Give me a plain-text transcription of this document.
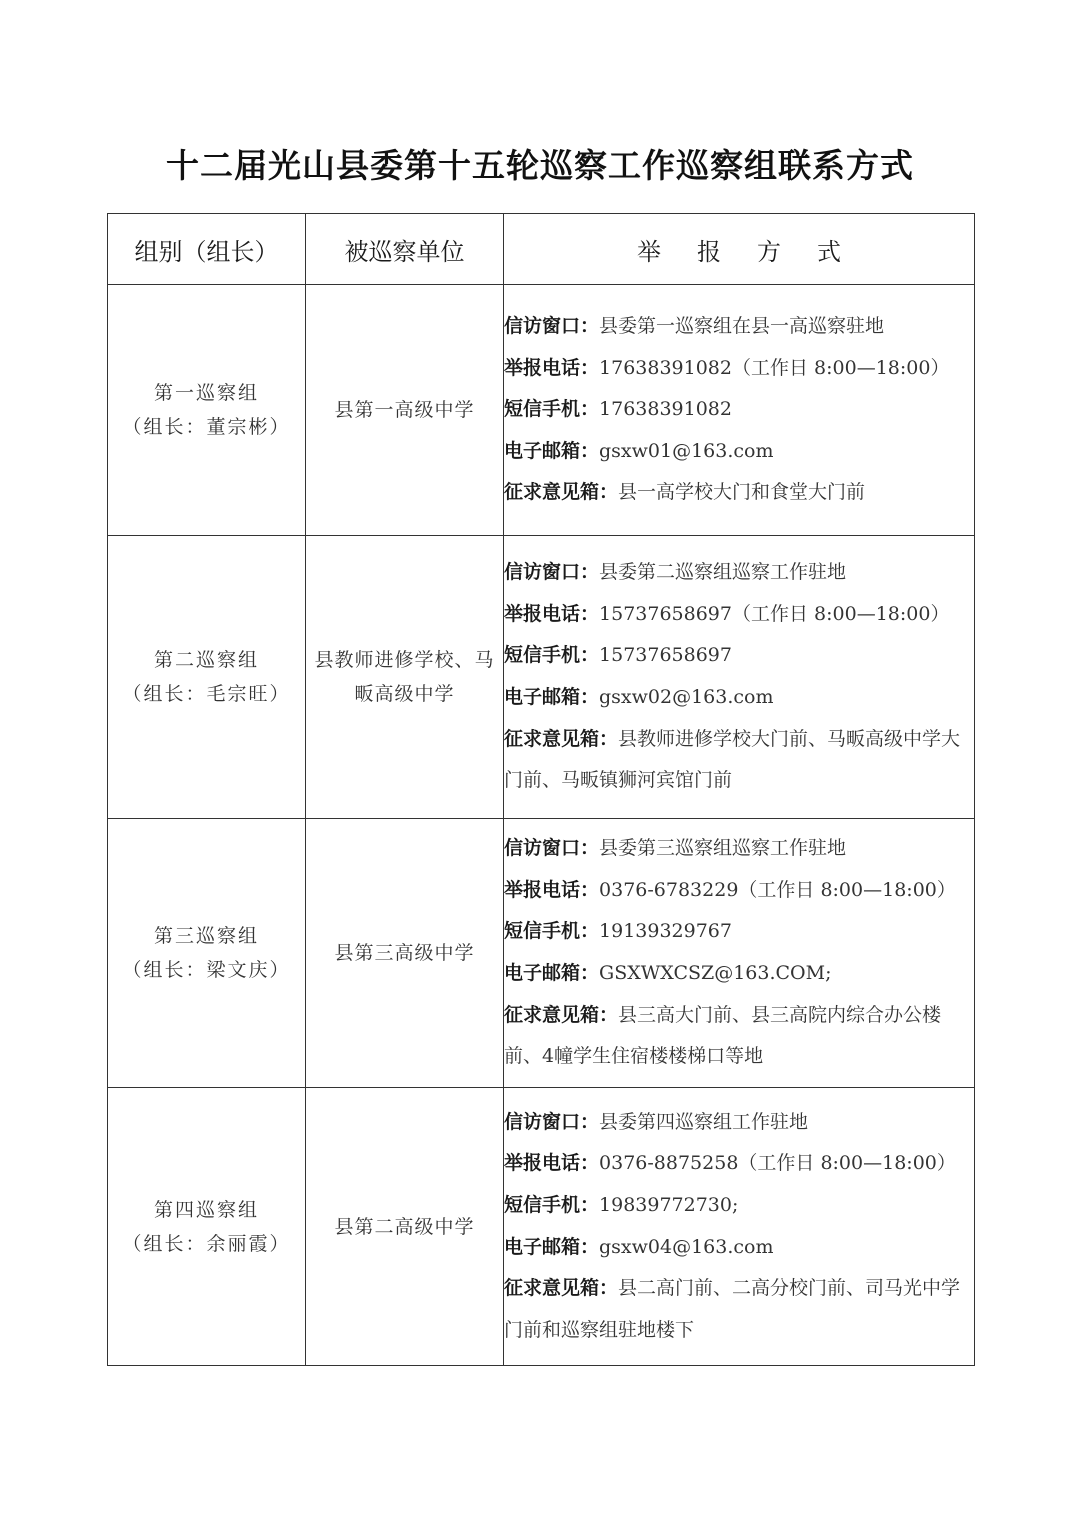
十二届光山县委第十五轮巡察工作巡察组联系方式
组别（组长）	被巡察单位	举报方式

第一巡察组
（组长：董宗彬）	县第一高级中学	信访窗口：县委第一巡察组在县一高巡察驻地
举报电话：17638391082（工作日 8:00—18:00）
短信手机：17638391082
电子邮箱：gsxw01@163.com
征求意见箱：县一高学校大门和食堂大门前

第二巡察组
（组长：毛宗旺）	县教师进修学校、马畈高级中学	信访窗口：县委第二巡察组巡察工作驻地
举报电话：15737658697（工作日 8:00—18:00）
短信手机：15737658697
电子邮箱：gsxw02@163.com
征求意见箱：县教师进修学校大门前、马畈高级中学大门前、马畈镇狮河宾馆门前

第三巡察组
（组长：梁文庆）	县第三高级中学	信访窗口：县委第三巡察组巡察工作驻地
举报电话：0376-6783229（工作日 8:00—18:00）
短信手机：19139329767
电子邮箱：GSXWXCSZ@163.COM;
征求意见箱：县三高大门前、县三高院内综合办公楼前、4幢学生住宿楼楼梯口等地

第四巡察组
（组长：余丽霞）	县第二高级中学	信访窗口：县委第四巡察组工作驻地
举报电话：0376-8875258（工作日 8:00—18:00）
短信手机：19839772730;
电子邮箱：gsxw04@163.com
征求意见箱：县二高门前、二高分校门前、司马光中学门前和巡察组驻地楼下
